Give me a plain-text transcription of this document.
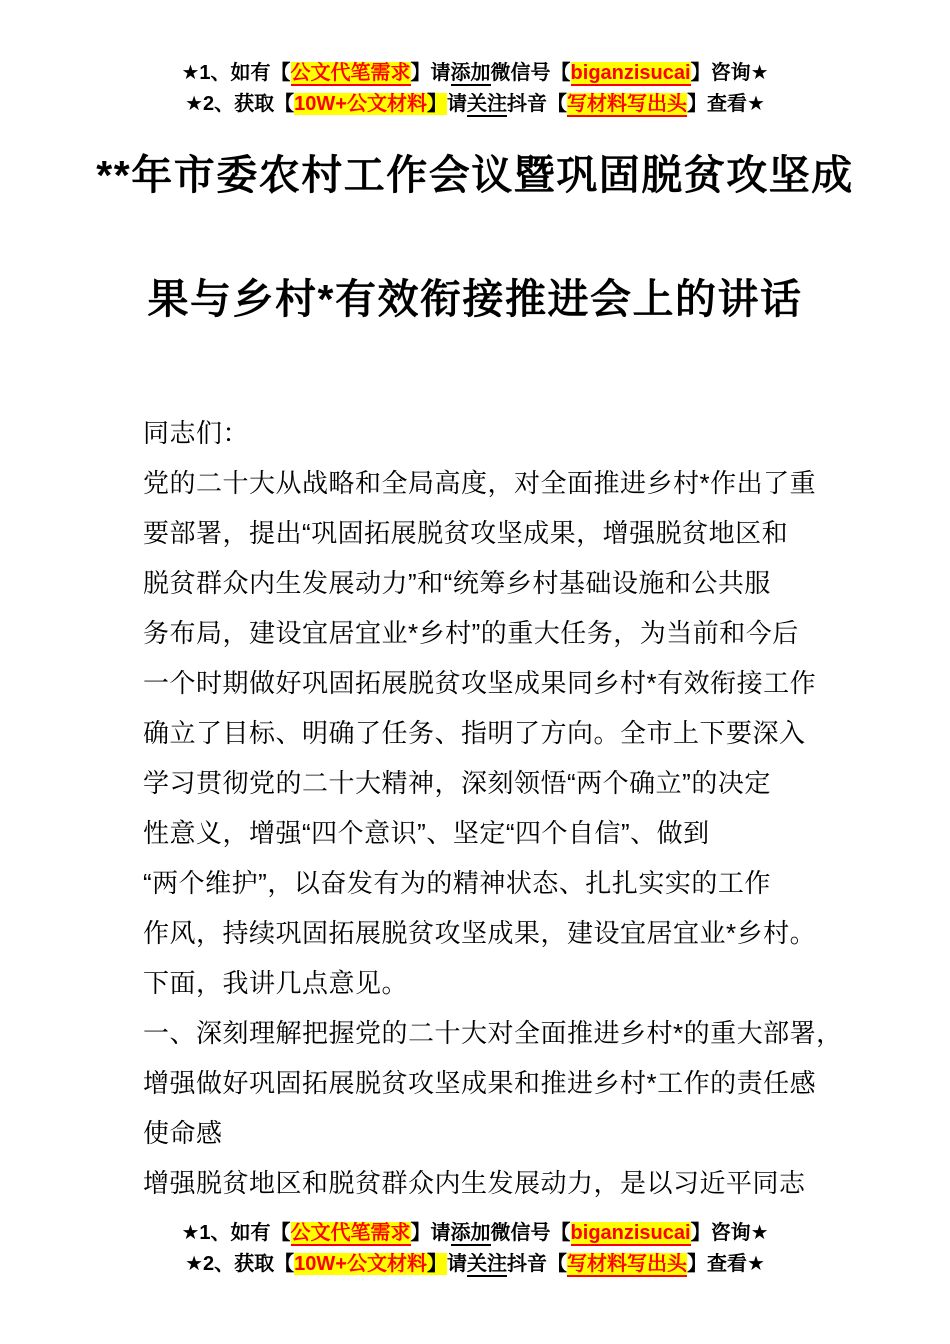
★1、如有【公文代笔需求】请添加微信号【biganzisucai】咨询★
★2、获取【10W+公文材料】请关注抖音【写材料写出头】查看★
**年市委农村工作会议暨巩固脱贫攻坚成
果与乡村*有效衔接推进会上的讲话
同志们：
党的二十大从战略和全局高度，对全面推进乡村*作出了重
要部署，提出“巩固拓展脱贫攻坚成果，增强脱贫地区和
脱贫群众内生发展动力”和“统筹乡村基础设施和公共服
务布局，建设宜居宜业*乡村”的重大任务，为当前和今后
一个时期做好巩固拓展脱贫攻坚成果同乡村*有效衔接工作
确立了目标、明确了任务、指明了方向。全市上下要深入
学习贯彻党的二十大精神，深刻领悟“两个确立”的决定
性意义，增强“四个意识”、坚定“四个自信”、做到
“两个维护”，以奋发有为的精神状态、扎扎实实的工作
作风，持续巩固拓展脱贫攻坚成果，建设宜居宜业*乡村。
下面，我讲几点意见。
一、深刻理解把握党的二十大对全面推进乡村*的重大部署，
增强做好巩固拓展脱贫攻坚成果和推进乡村*工作的责任感
使命感
增强脱贫地区和脱贫群众内生发展动力，是以习近平同志
★1、如有【公文代笔需求】请添加微信号【biganzisucai】咨询★
★2、获取【10W+公文材料】请关注抖音【写材料写出头】查看★
